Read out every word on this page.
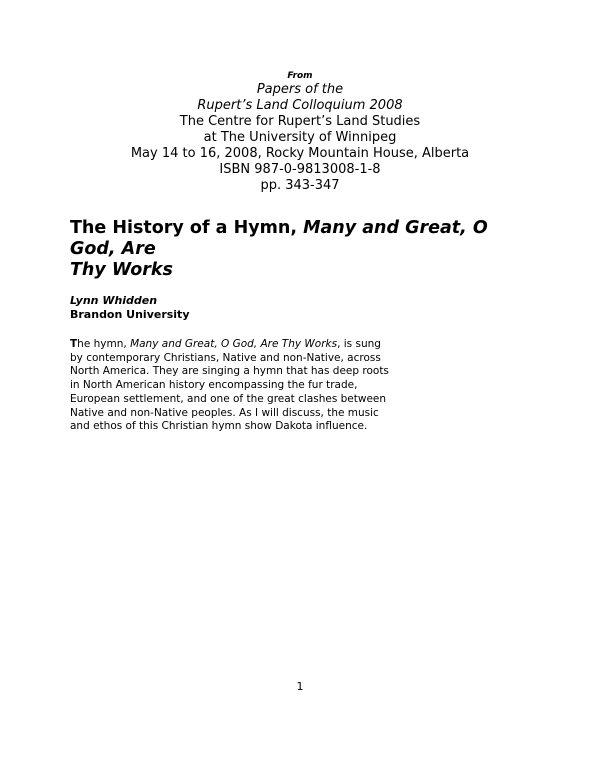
From
Papers of the
Rupert’s Land Colloquium 2008
The Centre for Rupert’s Land Studies
at The University of Winnipeg
May 14 to 16, 2008, Rocky Mountain House, Alberta
ISBN 987-0-9813008-1-8
pp. 343-347
The History of a Hymn, Many and Great, O
God, Are
Thy Works
Lynn Whidden
Brandon University

The hymn, Many and Great, O God, Are Thy Works, is sung by contemporary Christians, Native and non-Native, across North America. They are singing a hymn that has deep roots in North American history encompassing the fur trade, European settlement, and one of the great clashes between Native and non-Native peoples. As I will discuss, the music and ethos of this Christian hymn show Dakota influence.

1
